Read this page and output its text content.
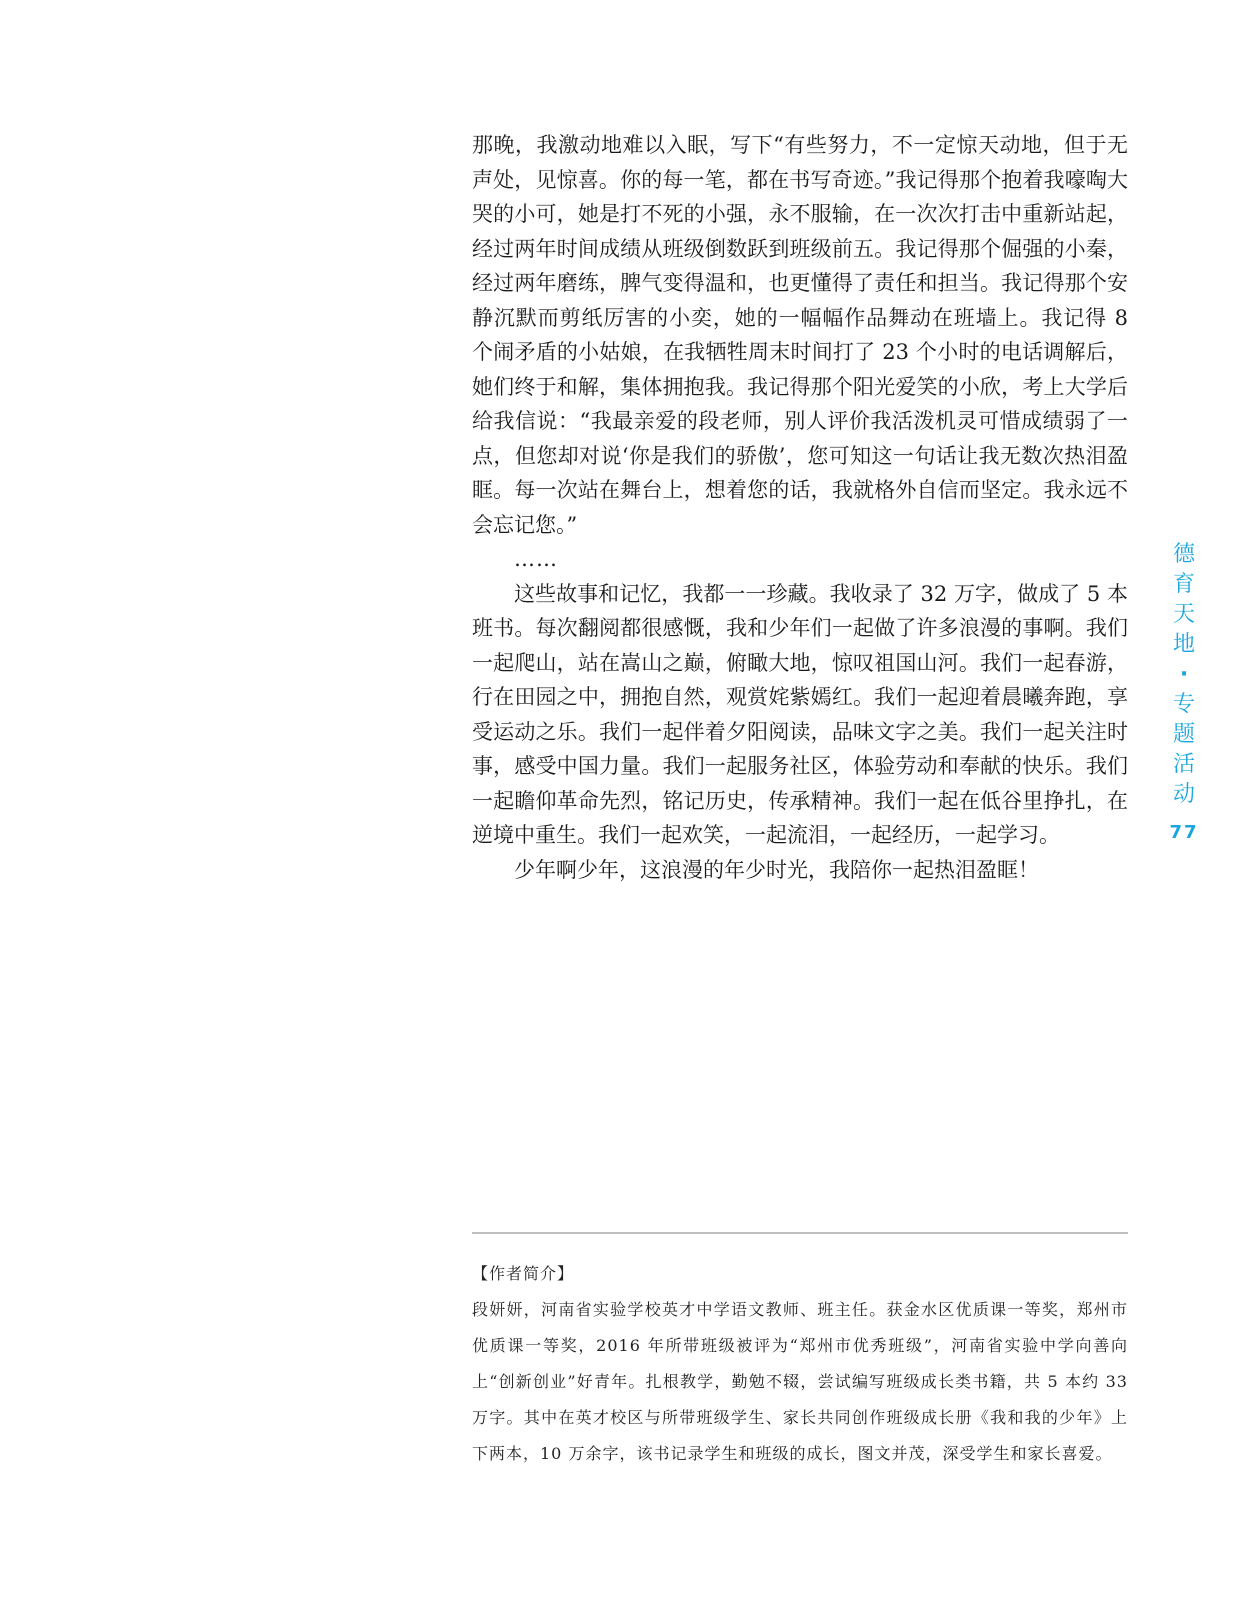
那晚，我激动地难以入眠，写下“有些努力，不一定惊天动地，但于无声处，见惊喜。你的每一笔，都在书写奇迹。”我记得那个抱着我嚎啕大哭的小可，她是打不死的小强，永不服输，在一次次打击中重新站起，经过两年时间成绩从班级倒数跃到班级前五。我记得那个倔强的小秦，经过两年磨练，脾气变得温和，也更懂得了责任和担当。我记得那个安静沉默而剪纸厉害的小奕，她的一幅幅作品舞动在班墙上。我记得 8 个闹矛盾的小姑娘，在我牺牲周末时间打了 23 个小时的电话调解后，她们终于和解，集体拥抱我。我记得那个阳光爱笑的小欣，考上大学后给我信说：“我最亲爱的段老师，别人评价我活泼机灵可惜成绩弱了一点，但您却对说‘你是我们的骄傲’，您可知这一句话让我无数次热泪盈眶。每一次站在舞台上，想着您的话，我就格外自信而坚定。我永远不会忘记您。”

……

这些故事和记忆，我都一一珍藏。我收录了 32 万字，做成了 5 本班书。每次翻阅都很感慨，我和少年们一起做了许多浪漫的事啊。我们一起爬山，站在嵩山之巅，俯瞰大地，惊叹祖国山河。我们一起春游，行在田园之中，拥抱自然，观赏姹紫嫣红。我们一起迎着晨曦奔跑，享受运动之乐。我们一起伴着夕阳阅读，品味文字之美。我们一起关注时事，感受中国力量。我们一起服务社区，体验劳动和奉献的快乐。我们一起瞻仰革命先烈，铭记历史，传承精神。我们一起在低谷里挣扎，在逆境中重生。我们一起欢笑，一起流泪，一起经历，一起学习。

少年啊少年，这浪漫的年少时光，我陪你一起热泪盈眶！

德
育
天
地
·
专
题
活
动
77

【作者简介】

段妍妍，河南省实验学校英才中学语文教师、班主任。获金水区优质课一等奖，郑州市优质课一等奖，2016 年所带班级被评为“郑州市优秀班级”，河南省实验中学向善向上“创新创业”好青年。扎根教学，勤勉不辍，尝试编写班级成长类书籍，共 5 本约 33 万字。其中在英才校区与所带班级学生、家长共同创作班级成长册《我和我的少年》上下两本，10 万余字，该书记录学生和班级的成长，图文并茂，深受学生和家长喜爱。
